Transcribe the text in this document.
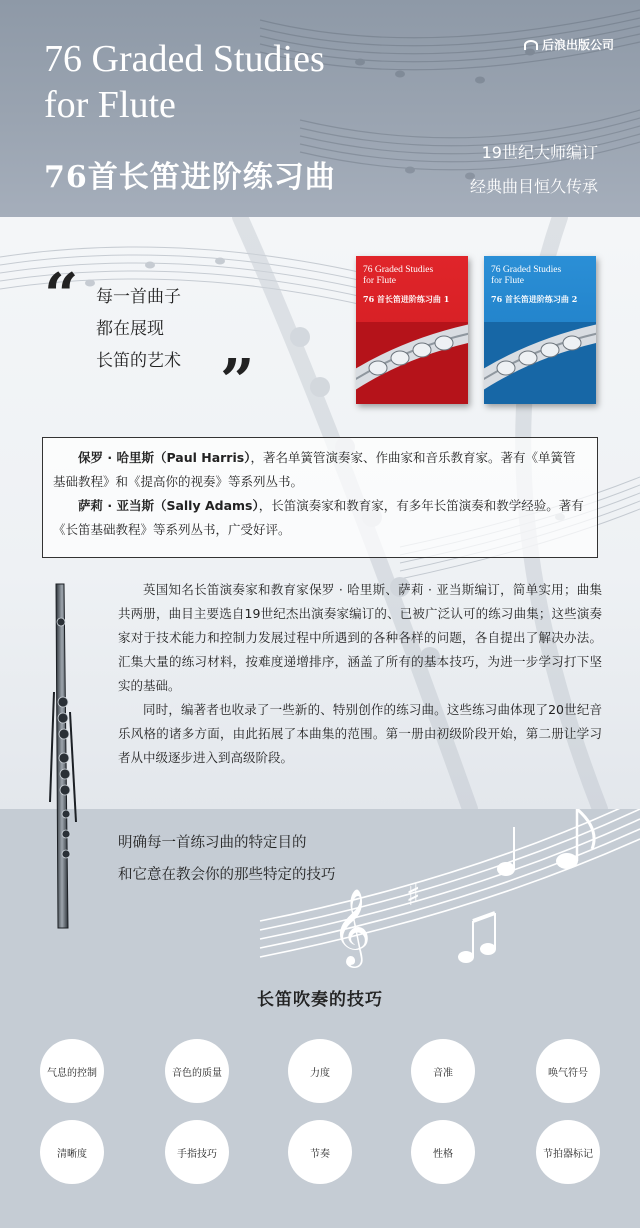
76 Graded Studies
for Flute
76首长笛进阶练习曲
后浪出版公司
19世纪大师编订
经典曲目恒久传承
“ 每一首曲子
都在展现
长笛的艺术 ”
76 Graded Studies
for Flute
76 首长笛进阶练习曲 1
76 Graded Studies
for Flute
76 首长笛进阶练习曲 2

保罗 · 哈里斯（Paul Harris），著名单簧管演奏家、作曲家和音乐教育家。著有《单簧管基础教程》和《提高你的视奏》等系列丛书。

萨莉 · 亚当斯（Sally Adams），长笛演奏家和教育家，有多年长笛演奏和教学经验。著有《长笛基础教程》等系列丛书，广受好评。

𝄞 ♯

英国知名长笛演奏家和教育家保罗 · 哈里斯、萨莉 · 亚当斯编订，简单实用；曲集共两册，曲目主要选自19世纪杰出演奏家编订的、已被广泛认可的练习曲集；这些演奏家对于技术能力和控制力发展过程中所遇到的各种各样的问题，各自提出了解决办法。汇集大量的练习材料，按难度递增排序，涵盖了所有的基本技巧，为进一步学习打下坚实的基础。

同时，编著者也收录了一些新的、特别创作的练习曲。这些练习曲体现了20世纪音乐风格的诸多方面，由此拓展了本曲集的范围。第一册由初级阶段开始，第二册让学习者从中级逐步进入到高级阶段。

明确每一首练习曲的特定目的
和它意在教会你的那些特定的技巧
长笛吹奏的技巧
气息的控制	音色的质量	力度	音准	唤气符号
清晰度	手指技巧	节奏	性格	节拍器标记
